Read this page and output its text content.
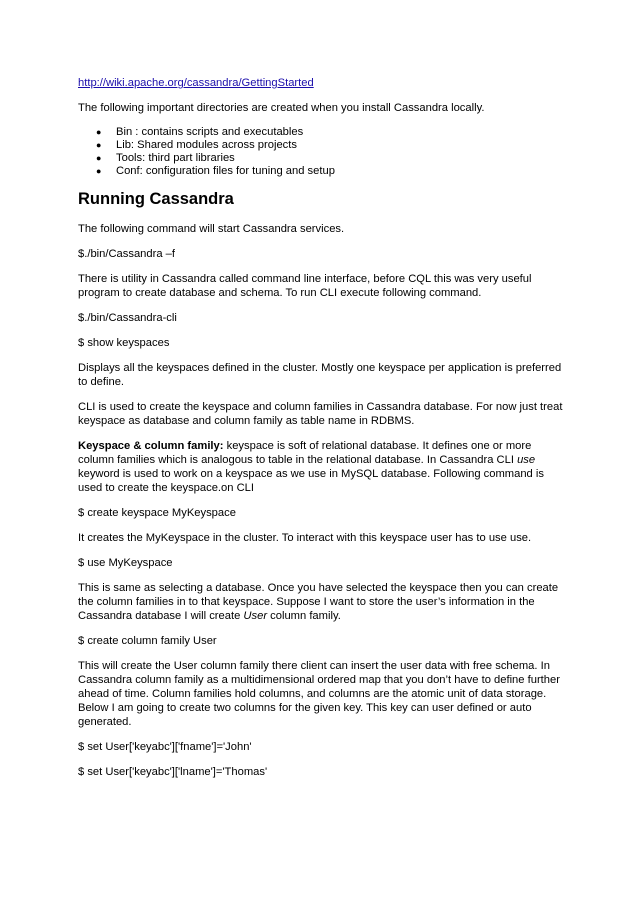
http://wiki.apache.org/cassandra/GettingStarted

The following important directories are created when you install Cassandra locally.

● Bin : contains scripts and executables
● Lib: Shared modules across projects
● Tools: third part libraries
● Conf: configuration files for tuning and setup
Running Cassandra

The following command will start Cassandra services.

$./bin/Cassandra –f

There is utility in Cassandra called command line interface, before CQL this was very useful program to create database and schema. To run CLI execute following command.

$./bin/Cassandra-cli

$ show keyspaces

Displays all the keyspaces defined in the cluster. Mostly one keyspace per application is preferred to define.

CLI is used to create the keyspace and column families in Cassandra database. For now just treat keyspace as database and column family as table name in RDBMS.

Keyspace & column family: keyspace is soft of relational database. It defines one or more column families which is analogous to table in the relational database. In Cassandra CLI use keyword is used to work on a keyspace as we use in MySQL database. Following command is used to create the keyspace.on CLI

$ create keyspace MyKeyspace

It creates the MyKeyspace in the cluster. To interact with this keyspace user has to use use.

$ use MyKeyspace

This is same as selecting a database. Once you have selected the keyspace then you can create the column families in to that keyspace. Suppose I want to store the user’s information in the Cassandra database I will create User column family.

$ create column family User

This will create the User column family there client can insert the user data with free schema. In Cassandra column family as a multidimensional ordered map that you don’t have to define further ahead of time. Column families hold columns, and columns are the atomic unit of data storage. Below I am going to create two columns for the given key. This key can user defined or auto generated.

$ set User['keyabc']['fname']='John'

$ set User['keyabc']['lname']='Thomas'
